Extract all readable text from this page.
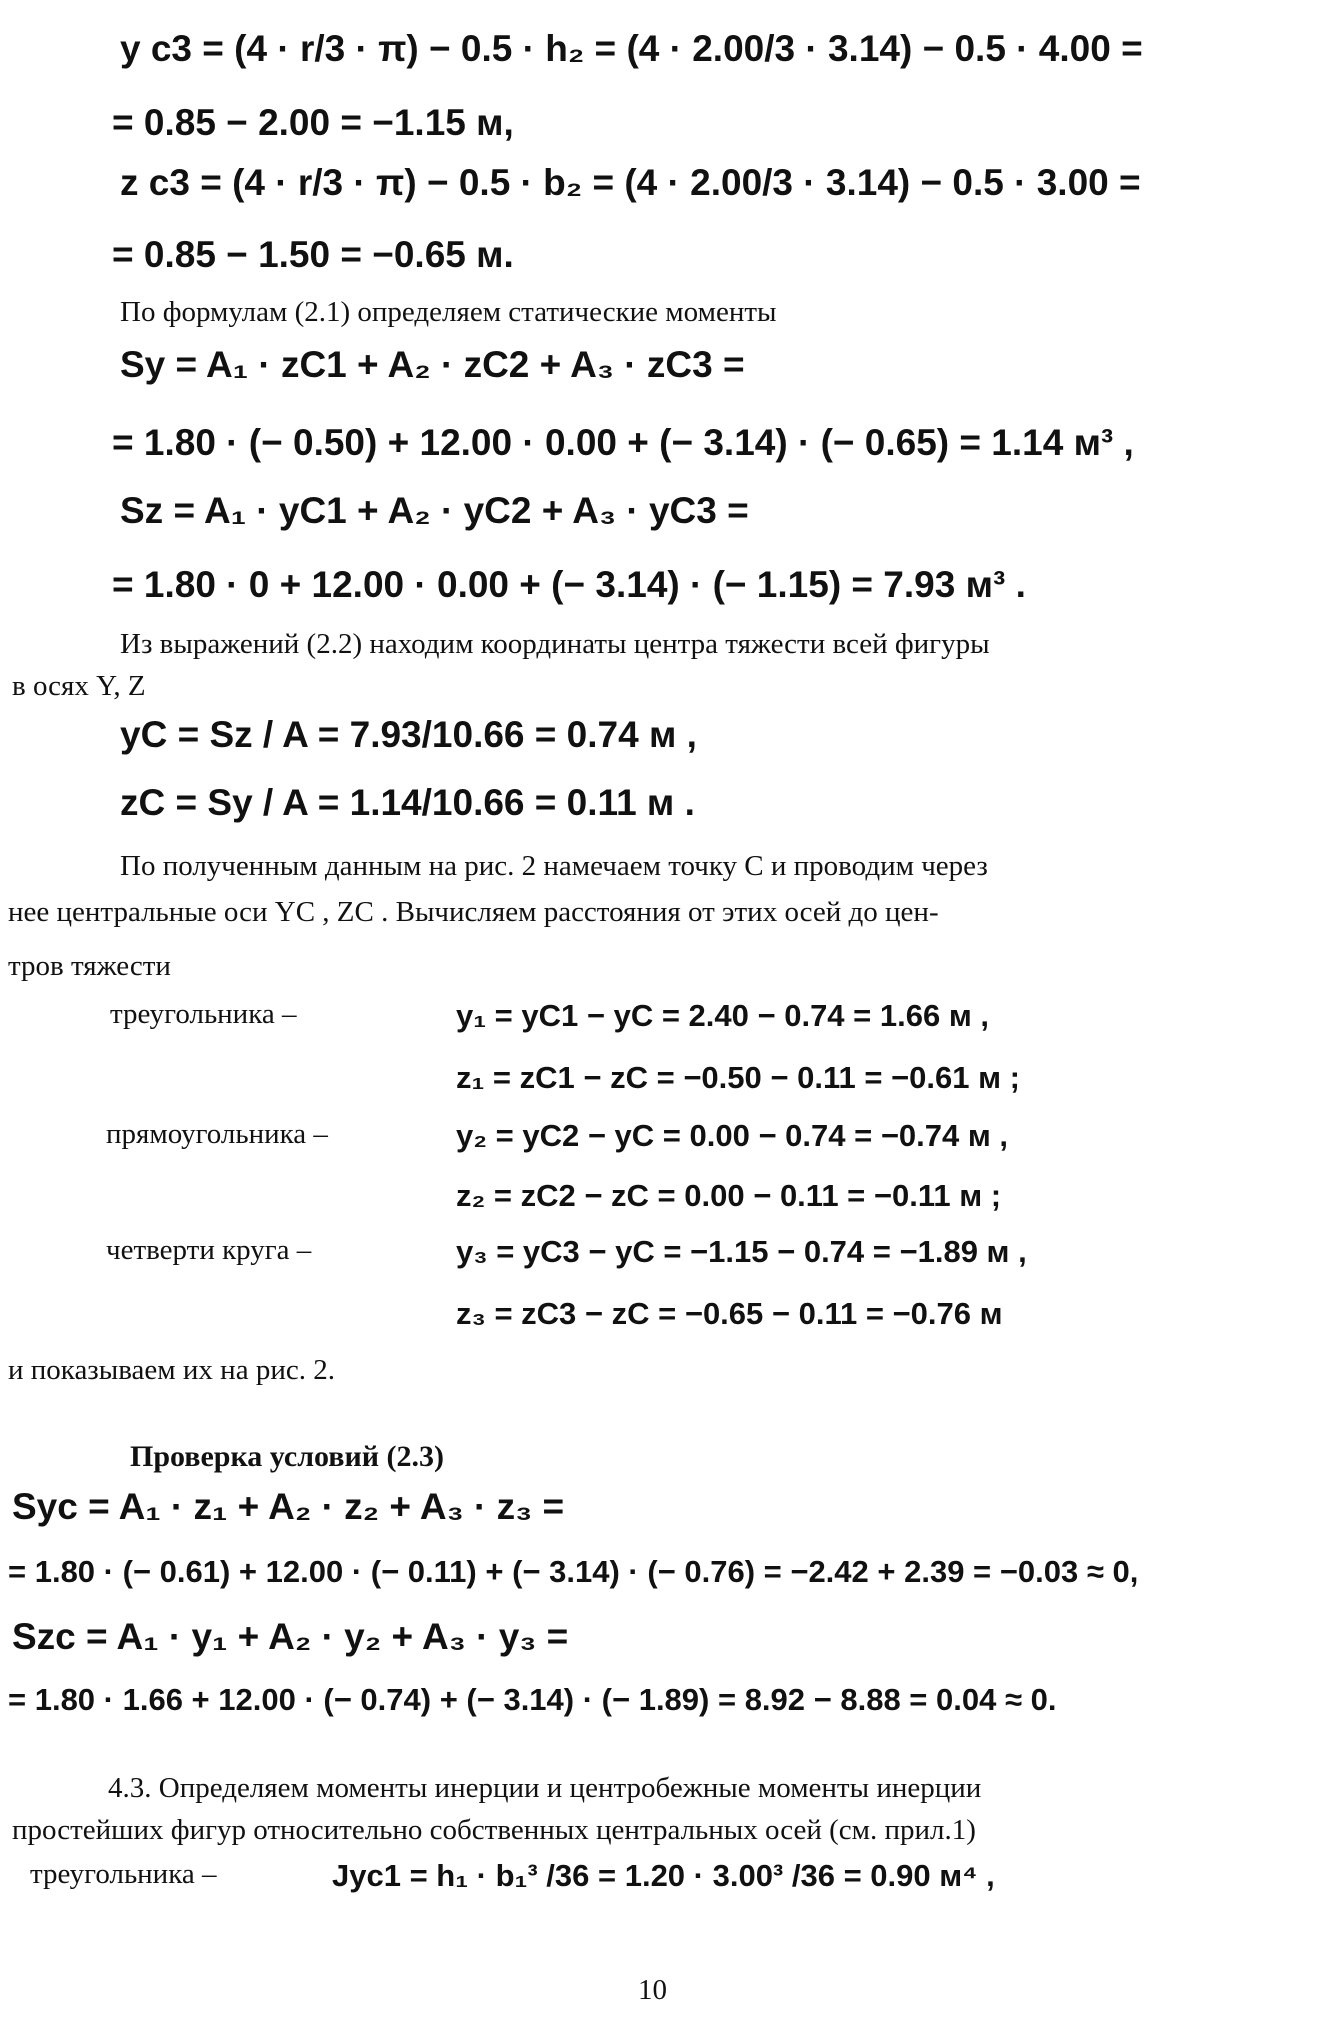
y c3 = (4 · r/3 · π) − 0.5 · h₂ = (4 · 2.00/3 · 3.14) − 0.5 · 4.00 =
= 0.85 − 2.00 = −1.15 м,
z c3 = (4 · r/3 · π) − 0.5 · b₂ = (4 · 2.00/3 · 3.14) − 0.5 · 3.00 =
= 0.85 − 1.50 = −0.65 м.
По формулам (2.1) определяем статические моменты
Sy = A₁ · zC1 + A₂ · zC2 + A₃ · zC3 =
= 1.80 · (− 0.50) + 12.00 · 0.00 + (− 3.14) · (− 0.65) = 1.14 м³ ,
Sz = A₁ · yC1 + A₂ · yC2 + A₃ · yC3 =
= 1.80 · 0 + 12.00 · 0.00 + (− 3.14) · (− 1.15) = 7.93 м³ .
Из выражений (2.2) находим координаты центра тяжести всей фигуры
в осях Y, Z
yC = Sz / A = 7.93/10.66 = 0.74 м ,
zC = Sy / A = 1.14/10.66 = 0.11 м .
По полученным данным на рис. 2 намечаем точку C и проводим через
нее центральные оси YC , ZC . Вычисляем расстояния от этих осей до цен-
тров тяжести
треугольника –	y₁ = yC1 − yC = 2.40 − 0.74 = 1.66 м ,
z₁ = zC1 − zC = −0.50 − 0.11 = −0.61 м ;
прямоугольника –	y₂ = yC2 − yC = 0.00 − 0.74 = −0.74 м ,
z₂ = zC2 − zC = 0.00 − 0.11 = −0.11 м ;
четверти круга –	y₃ = yC3 − yC = −1.15 − 0.74 = −1.89 м ,
z₃ = zC3 − zC = −0.65 − 0.11 = −0.76 м
и показываем их на рис. 2.
Проверка условий (2.3)
Syc = A₁ · z₁ + A₂ · z₂ + A₃ · z₃ =
= 1.80 · (− 0.61) + 12.00 · (− 0.11) + (− 3.14) · (− 0.76) = −2.42 + 2.39 = −0.03 ≈ 0,
Szc = A₁ · y₁ + A₂ · y₂ + A₃ · y₃ =
= 1.80 · 1.66 + 12.00 · (− 0.74) + (− 3.14) · (− 1.89) = 8.92 − 8.88 = 0.04 ≈ 0.
4.3. Определяем моменты инерции и центробежные моменты инерции
простейших фигур относительно собственных центральных осей (см. прил.1)
треугольника –	Jyc1 = h₁ · b₁³ /36 = 1.20 · 3.00³ /36 = 0.90 м⁴ ,
10
